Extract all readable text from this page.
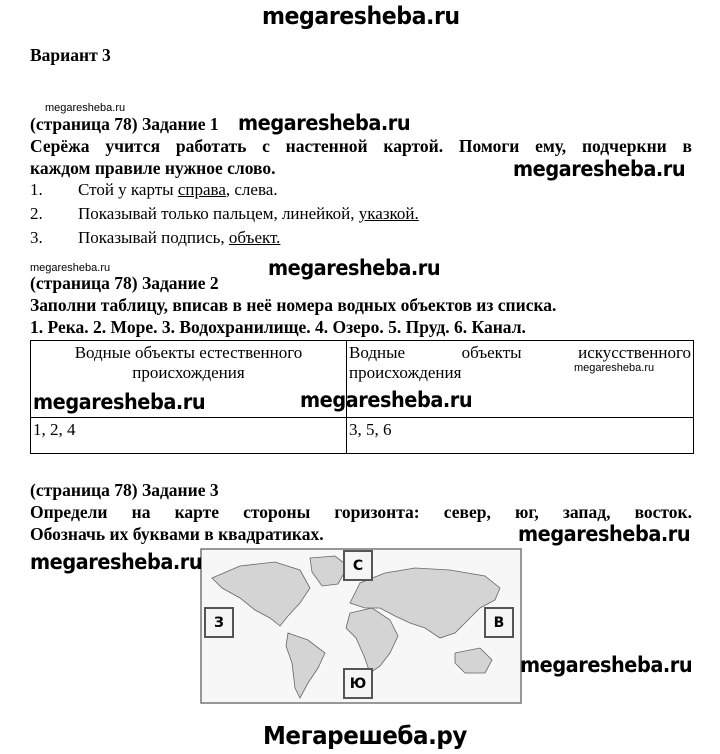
megaresheba.ru
Вариант 3
megaresheba.ru
(страница 78) Задание 1 megaresheba.ru
Серёжа учится работать с настенной картой. Помоги ему, подчеркни в
каждом правиле нужное слово.	megaresheba.ru
1. Стой у карты справа, слева.
2. Показывай только пальцем, линейкой, указкой.
3. Показывай подпись, объект.
megaresheba.ru	megaresheba.ru
(страница 78) Задание 2
Заполни таблицу, вписав в неё номера водных объектов из списка.
1. Река. 2. Море. 3. Водохранилище. 4. Озеро. 5. Пруд. 6. Канал.
Водные объекты естественного происхождения	Водные объекты искусственного происхождения
1, 2, 4	3, 5, 6
megaresheba.ru
megaresheba.ru	megaresheba.ru
(страница 78) Задание 3
Определи на карте стороны горизонта: север, юг, запад, восток.
Обозначь их буквами в квадратиках.	megaresheba.ru
С
З	В
Ю
megaresheba.ru
megaresheba.ru
Мегарешеба.ру
